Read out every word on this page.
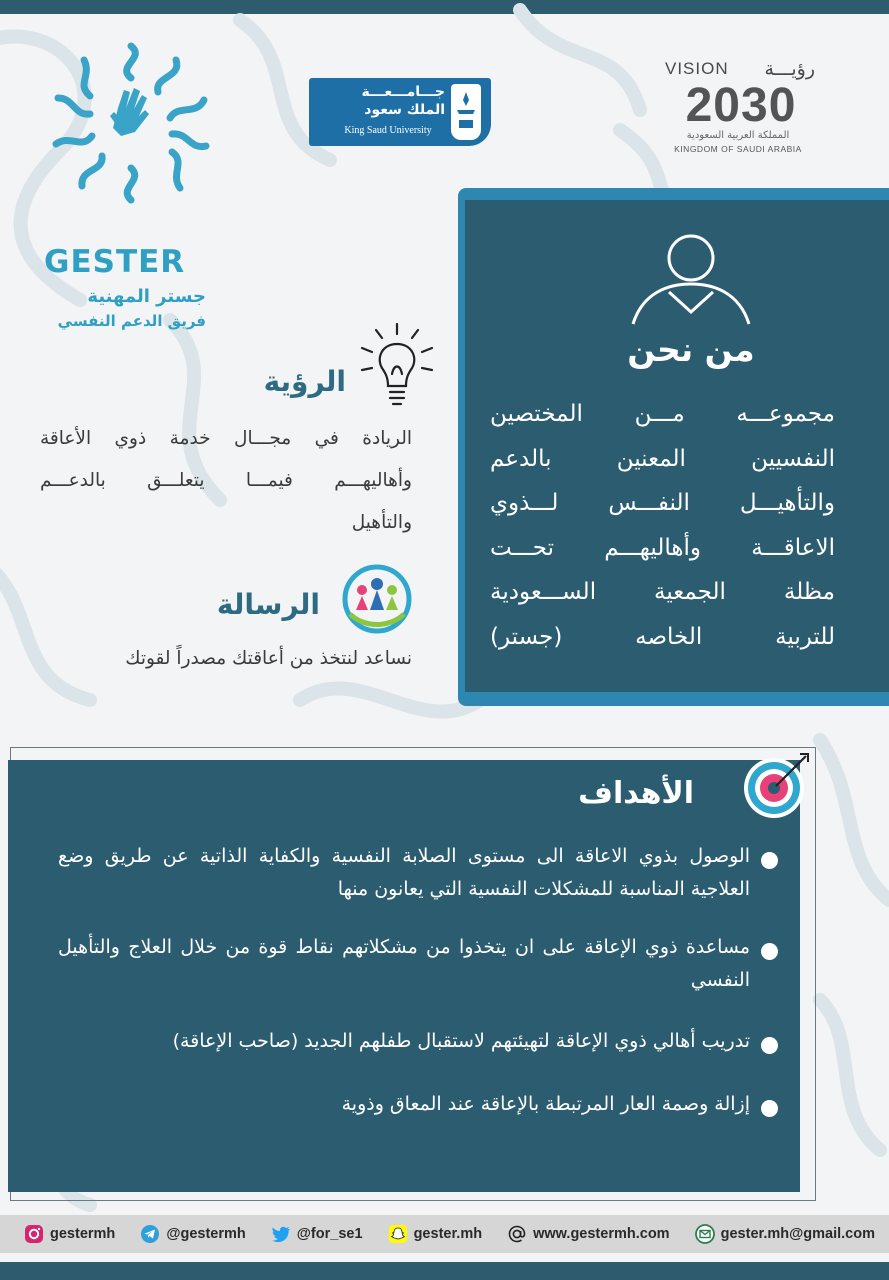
GESTER
جستر المهنية
فريق الدعم النفسي
جـــامـــعـــة
الملك سعود
King Saud University
VISION رؤيـــة
2030
المملكة العربية السعودية
KINGDOM OF SAUDI ARABIA
من نحن
مجموعـــه مـــن المختصين
النفسيين المعنين بالدعم
والتأهيـــل النفـــس لـــذوي
الاعاقـــة وأهاليهـــم تحـــت
مظلة الجمعية الســـعودية
للتربية الخاصه (جستر)
الرؤية
الريادة في مجـــال خدمة ذوي الأعاقة
وأهاليهـــم فيمـــا يتعلـــق بالدعـــم
والتأهيل
الرسالة
نساعد لنتخذ من أعاقتك مصدراً لقوتك
الأهداف
الوصول بذوي الاعاقة الى مستوى الصلابة النفسية والكفاية الذاتية عن طريق وضع العلاجية المناسبة للمشكلات النفسية التي يعانون منها
مساعدة ذوي الإعاقة على ان يتخذوا من مشكلاتهم نقاط قوة من خلال العلاج والتأهيل النفسي
تدريب أهالي ذوي الإعاقة لتهيئتهم لاستقبال طفلهم الجديد (صاحب الإعاقة)
إزالة وصمة العار المرتبطة بالإعاقة عند المعاق وذوية
gestermh	@gestermh	@for_se1	gester.mh	www.gestermh.com	gester.mh@gmail.com
